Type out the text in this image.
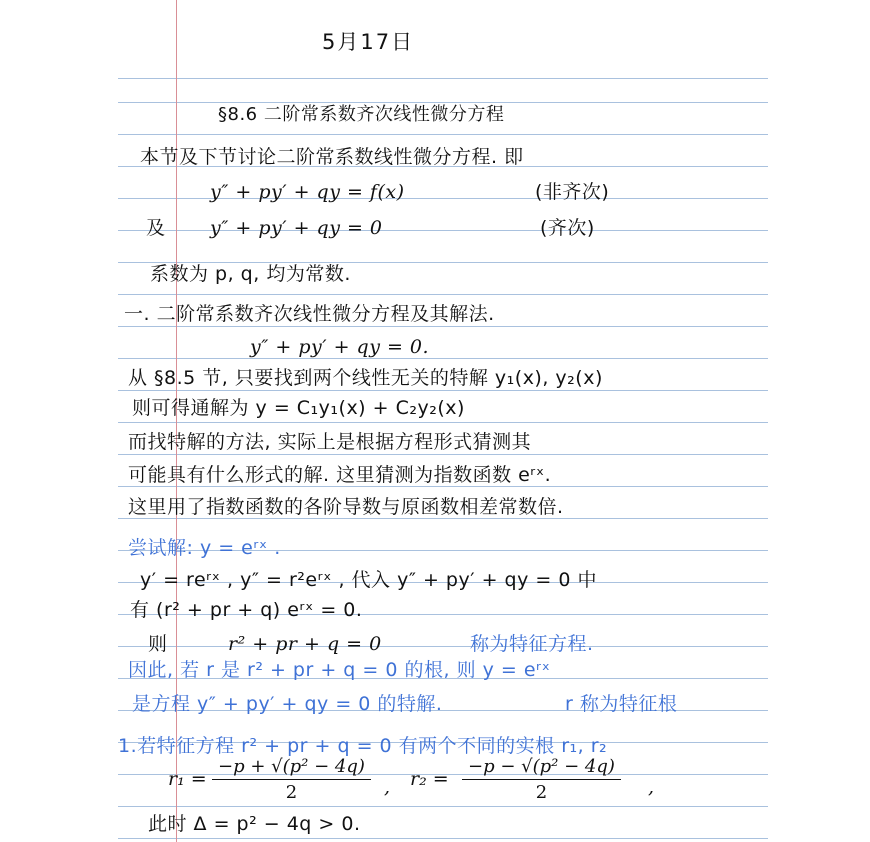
5月17日
§8.6 二阶常系数齐次线性微分方程
本节及下节讨论二阶常系数线性微分方程. 即
y″ + py′ + qy = f(x)	(非齐次)
及 y″ + py′ + qy = 0	(齐次)
系数为 p, q, 均为常数.
一. 二阶常系数齐次线性微分方程及其解法.
y″ + py′ + qy = 0.
从 §8.5 节, 只要找到两个线性无关的特解 y₁(x), y₂(x)
则可得通解为 y = C₁y₁(x) + C₂y₂(x)
而找特解的方法, 实际上是根据方程形式猜测其
可能具有什么形式的解. 这里猜测为指数函数 eʳˣ.
这里用了指数函数的各阶导数与原函数相差常数倍.
尝试解: y = eʳˣ .
y′ = reʳˣ , y″ = r²eʳˣ , 代入 y″ + py′ + qy = 0 中
有 (r² + pr + q) eʳˣ = 0.
则	r² + pr + q = 0	称为特征方程.
因此, 若 r 是 r² + pr + q = 0 的根, 则 y = eʳˣ
是方程 y″ + py′ + qy = 0 的特解.	r 称为特征根
1.若特征方程 r² + pr + q = 0 有两个不同的实根 r₁, r₂
$r_1 = \frac{\text{−p + √(p² − 4q)}}{2}$ , $r_2 = \frac{\text{−p − √(p² − 4q)}}{2}$ ,
此时 Δ = p² − 4q > 0.
